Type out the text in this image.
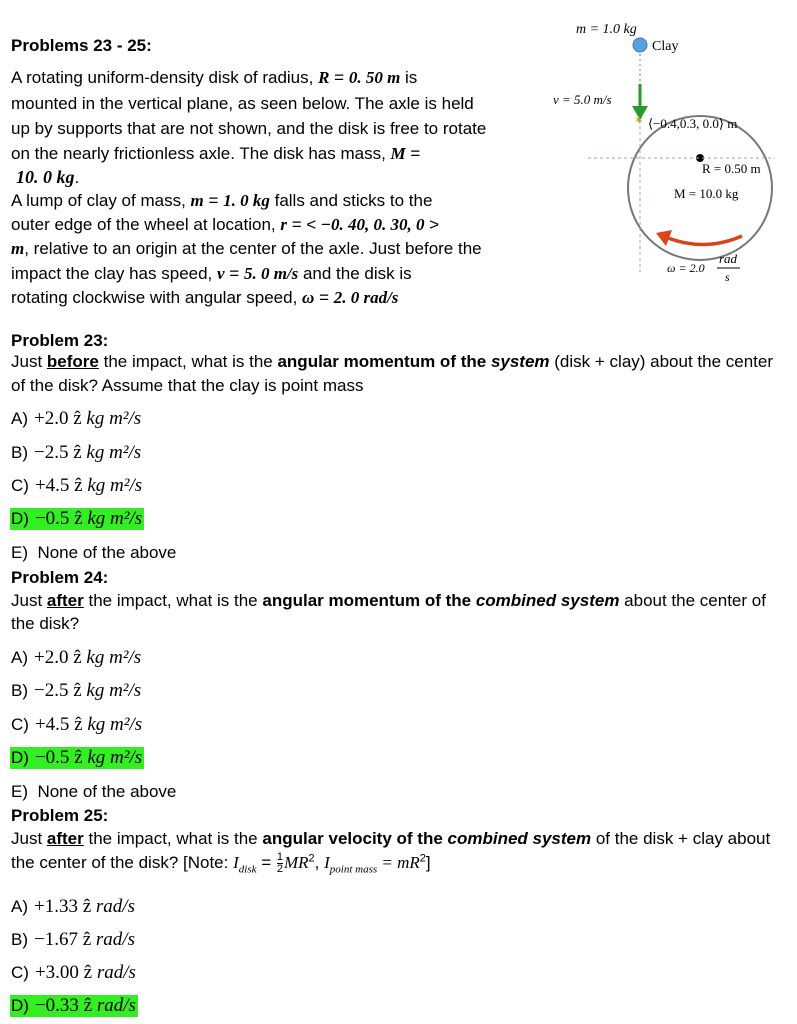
Problems 23 - 25:
A rotating uniform-density disk of radius, R = 0. 50 m is
mounted in the vertical plane, as seen below. The axle is held
up by supports that are not shown, and the disk is free to rotate
on the nearly frictionless axle. The disk has mass, M =
10. 0 kg.
A lump of clay of mass, m = 1. 0 kg falls and sticks to the
outer edge of the wheel at location, r = < −0. 40, 0. 30, 0 >
m, relative to an origin at the center of the axle. Just before the
impact the clay has speed, v = 5. 0 m/s and the disk is
rotating clockwise with angular speed, ω = 2. 0 rad/s
m = 1.0 kg
Clay
v = 5.0 m/s
✶ ⟨−0.4,0.3, 0.0⟩ m
R = 0.50 m
M = 10.0 kg
ω = 2.0
rad
s
Problem 23:
Just before the impact, what is the angular momentum of the system (disk + clay) about the center
of the disk? Assume that the clay is point mass
A) +2.0 ẑ kg m²/s
B) −2.5 ẑ kg m²/s
C) +4.5 ẑ kg m²/s
D) −0.5 ẑ kg m²/s
E) None of the above
Problem 24:
Just after the impact, what is the angular momentum of the combined system about the center of
the disk?
A) +2.0 ẑ kg m²/s
B) −2.5 ẑ kg m²/s
C) +4.5 ẑ kg m²/s
D) −0.5 ẑ kg m²/s
E) None of the above
Problem 25:
Just after the impact, what is the angular velocity of the combined system of the disk + clay about
the center of the disk? [Note: $I_{disk} = \frac{1}{2} MR^2$, $I_{point mass} = mR^2$]
A) +1.33 ẑ rad/s
B) −1.67 ẑ rad/s
C) +3.00 ẑ rad/s
D) −0.33 ẑ rad/s
